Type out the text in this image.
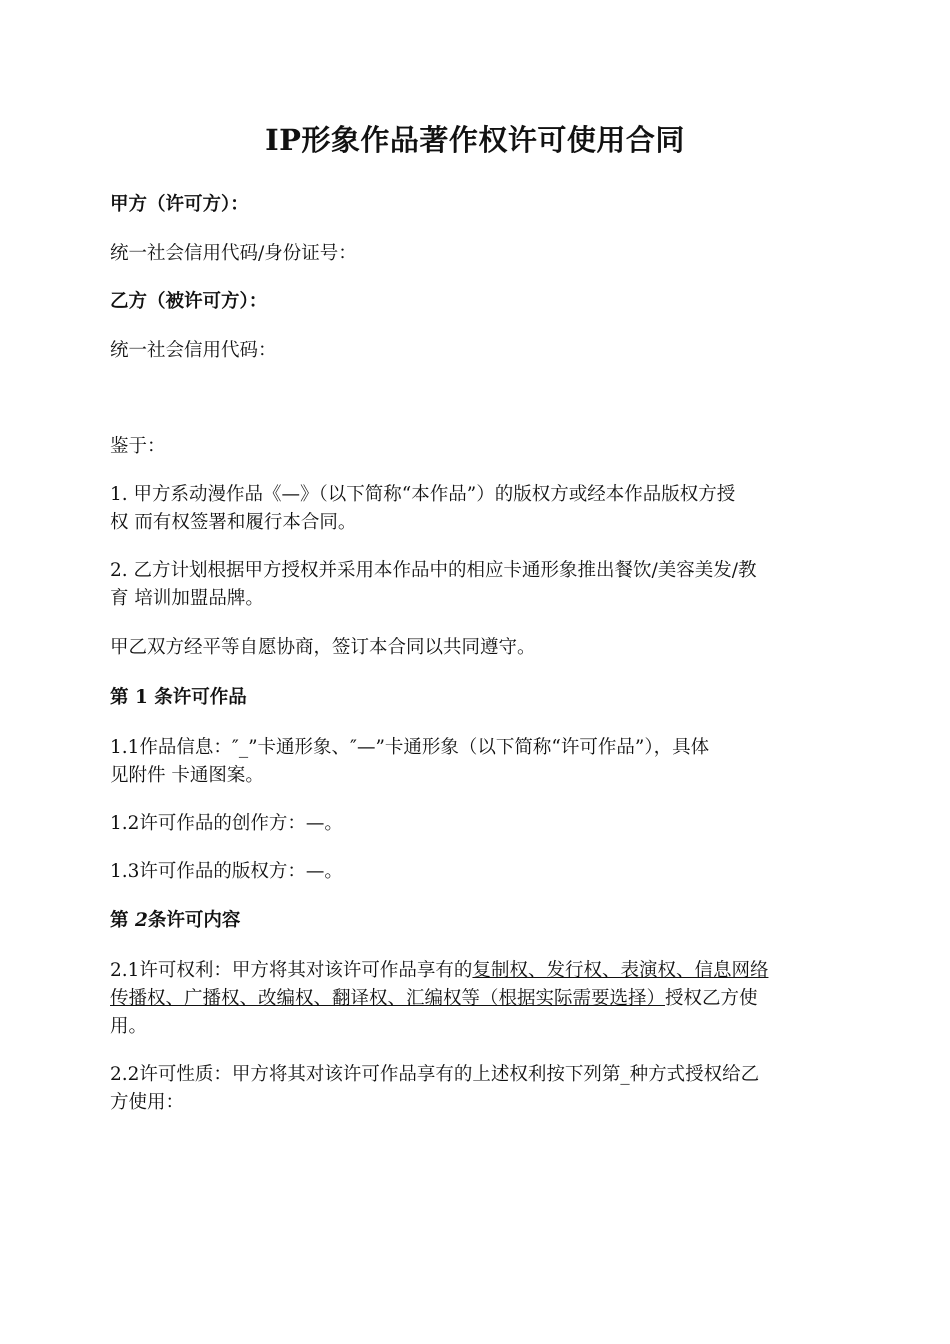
IP形象作品著作权许可使用合同
甲方（许可方）：
统一社会信用代码/身份证号：
乙方（被许可方）：
统一社会信用代码：
鉴于：
1. 甲方系动漫作品《—》（以下简称“本作品”）的版权方或经本作品版权方授
权 而有权签署和履行本合同。
2. 乙方计划根据甲方授权并采用本作品中的相应卡通形象推出餐饮/美容美发/教
育 培训加盟品牌。
甲乙双方经平等自愿协商，签订本合同以共同遵守。
第 1 条许可作品
1.1作品信息：″_”卡通形象、″—”卡通形象（以下简称“许可作品”），具体
见附件 卡通图案。
1.2许可作品的创作方：—。
1.3许可作品的版权方：—。
第 2条许可内容
2.1许可权利：甲方将其对该许可作品享有的复制权、发行权、表演权、信息网络
传播权、广播权、改编权、翻译权、汇编权等（根据实际需要选择）授权乙方使
用。
2.2许可性质：甲方将其对该许可作品享有的上述权利按下列第_种方式授权给乙
方使用：
